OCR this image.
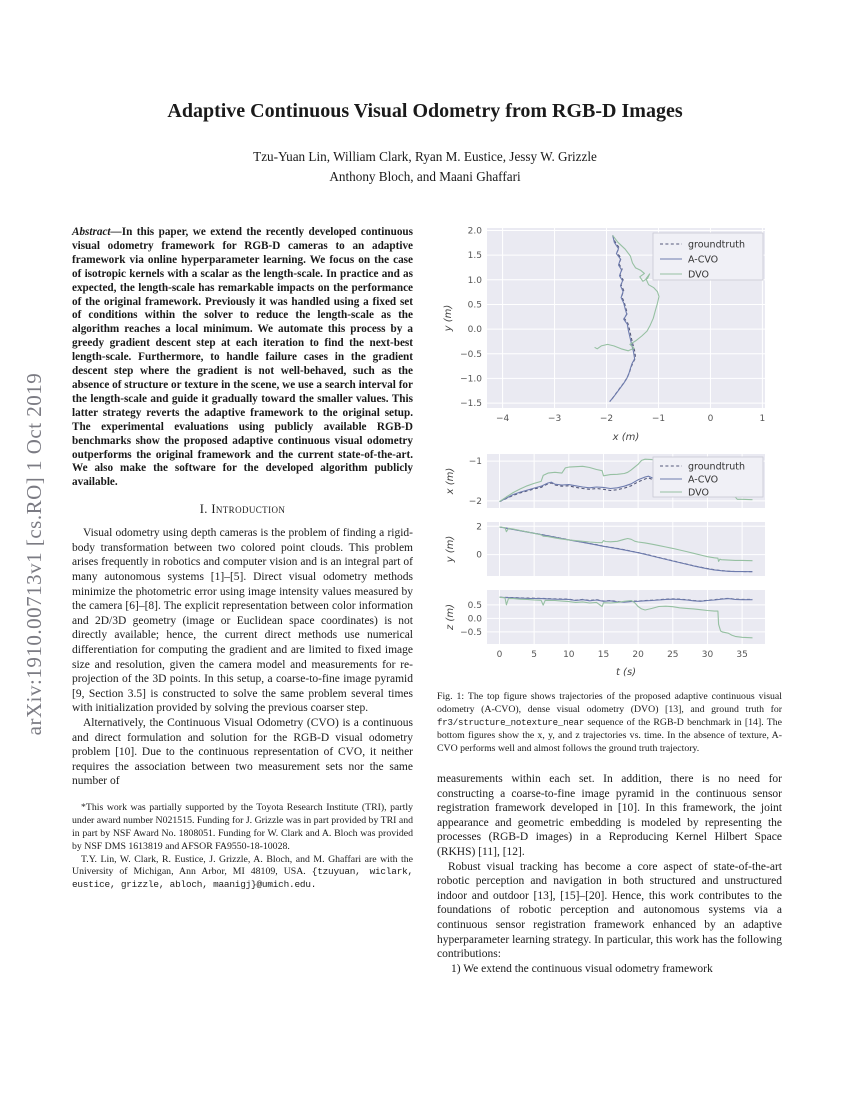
arXiv:1910.00713v1 [cs.RO] 1 Oct 2019
Adaptive Continuous Visual Odometry from RGB-D Images
Tzu-Yuan Lin, William Clark, Ryan M. Eustice, Jessy W. Grizzle
Anthony Bloch, and Maani Ghaffari
Abstract—In this paper, we extend the recently developed continuous visual odometry framework for RGB-D cameras to an adaptive framework via online hyperparameter learning. We focus on the case of isotropic kernels with a scalar as the length-scale. In practice and as expected, the length-scale has remarkable impacts on the performance of the original framework. Previously it was handled using a fixed set of conditions within the solver to reduce the length-scale as the algorithm reaches a local minimum. We automate this process by a greedy gradient descent step at each iteration to find the next-best length-scale. Furthermore, to handle failure cases in the gradient descent step where the gradient is not well-behaved, such as the absence of structure or texture in the scene, we use a search interval for the length-scale and guide it gradually toward the smaller values. This latter strategy reverts the adaptive framework to the original setup. The experimental evaluations using publicly available RGB-D benchmarks show the proposed adaptive continuous visual odometry outperforms the original framework and the current state-of-the-art. We also make the software for the developed algorithm publicly available.
I. Introduction

Visual odometry using depth cameras is the problem of finding a rigid-body transformation between two colored point clouds. This problem arises frequently in robotics and computer vision and is an integral part of many autonomous systems [1]–[5]. Direct visual odometry methods minimize the photometric error using image intensity values measured by the camera [6]–[8]. The explicit representation between color information and 2D/3D geometry (image or Euclidean space coordinates) is not directly available; hence, the current direct methods use numerical differentiation for computing the gradient and are limited to fixed image size and resolution, given the camera model and measurements for re-projection of the 3D points. In this setup, a coarse-to-fine image pyramid [9, Section 3.5] is constructed to solve the same problem several times with initialization provided by solving the previous coarser step.

Alternatively, the Continuous Visual Odometry (CVO) is a continuous and direct formulation and solution for the RGB-D visual odometry problem [10]. Due to the continuous representation of CVO, it neither requires the association between two measurement sets nor the same number of

*This work was partially supported by the Toyota Research Institute (TRI), partly under award number N021515. Funding for J. Grizzle was in part provided by TRI and in part by NSF Award No. 1808051. Funding for W. Clark and A. Bloch was provided by NSF DMS 1613819 and AFSOR FA9550-18-10028.

T.Y. Lin, W. Clark, R. Eustice, J. Grizzle, A. Bloch, and M. Ghaffari are with the University of Michigan, Ann Arbor, MI 48109, USA. {tzuyuan, wiclark, eustice, grizzle, abloch, maanigj}@umich.edu.

−4	−3	−2	−1	0	1
2.0
1.5
1.0
0.5
0.0
−0.5
−1.0
−1.5
groundtruth
A-CVO
DVO
x (m)
y (m)
−1
−2
x (m)
2
0
y (m)
0	5	10	15	20	25	30	35
0.5
0.0
−0.5
z (m)
groundtruth
A-CVO
DVO
t (s)
Fig. 1: The top figure shows trajectories of the proposed adaptive continuous visual odometry (A-CVO), dense visual odometry (DVO) [13], and ground truth for fr3/structure_notexture_near sequence of the RGB-D benchmark in [14]. The bottom figures show the x, y, and z trajectories vs. time. In the absence of texture, A-CVO performs well and almost follows the ground truth trajectory.

measurements within each set. In addition, there is no need for constructing a coarse-to-fine image pyramid in the continuous sensor registration framework developed in [10]. In this framework, the joint appearance and geometric embedding is modeled by representing the processes (RGB-D images) in a Reproducing Kernel Hilbert Space (RKHS) [11], [12].

Robust visual tracking has become a core aspect of state-of-the-art robotic perception and navigation in both structured and unstructured indoor and outdoor [13], [15]–[20]. Hence, this work contributes to the foundations of robotic perception and autonomous systems via a continuous sensor registration framework enhanced by an adaptive hyperparameter learning strategy. In particular, this work has the following contributions:

1) We extend the continuous visual odometry framework
